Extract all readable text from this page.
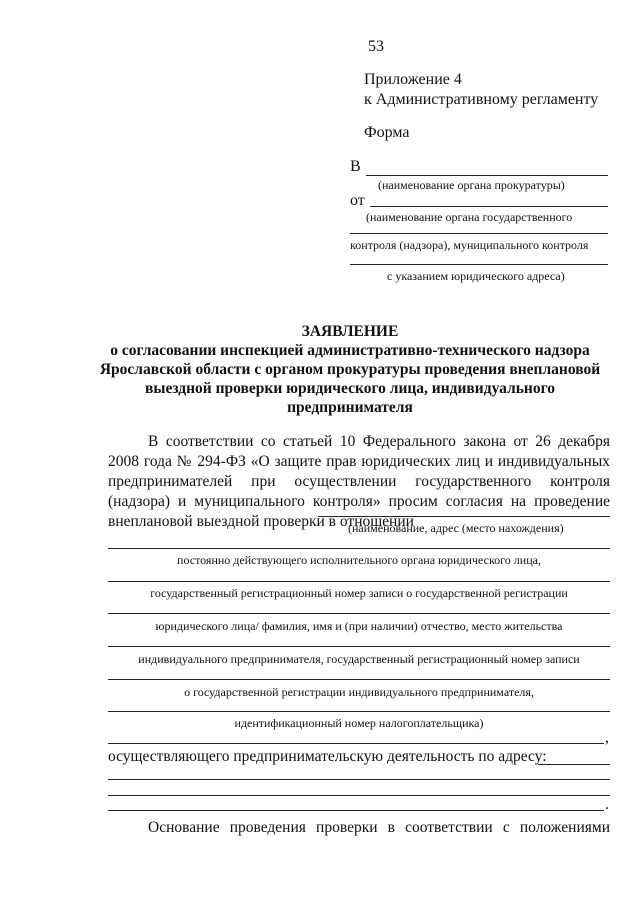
53
Приложение 4
к Административному регламенту
Форма
В
(наименование органа прокуратуры)
от
(наименование органа государственного
контроля (надзора), муниципального контроля
с указанием юридического адреса)
ЗАЯВЛЕНИЕ
о согласовании инспекцией административно-технического надзора
Ярославской области с органом прокуратуры проведения внеплановой
выездной проверки юридического лица, индивидуального
предпринимателя
В соответствии со статьей 10 Федерального закона от 26 декабря 2008 года № 294-ФЗ «О защите прав юридических лиц и индивидуальных предпринимателей при осуществлении государственного контроля (надзора) и муниципального контроля» просим согласия на проведение внеплановой выездной проверки в отношении
(наименование, адрес (место нахождения)
постоянно действующего исполнительного органа юридического лица,
государственный регистрационный номер записи о государственной регистрации
юридического лица/ фамилия, имя и (при наличии) отчество, место жительства
индивидуального предпринимателя, государственный регистрационный номер записи
о государственной регистрации индивидуального предпринимателя,
идентификационный номер налогоплательщика)
,
осуществляющего предпринимательскую деятельность по адресу:
.
Основание проведения проверки в соответствии с положениями
